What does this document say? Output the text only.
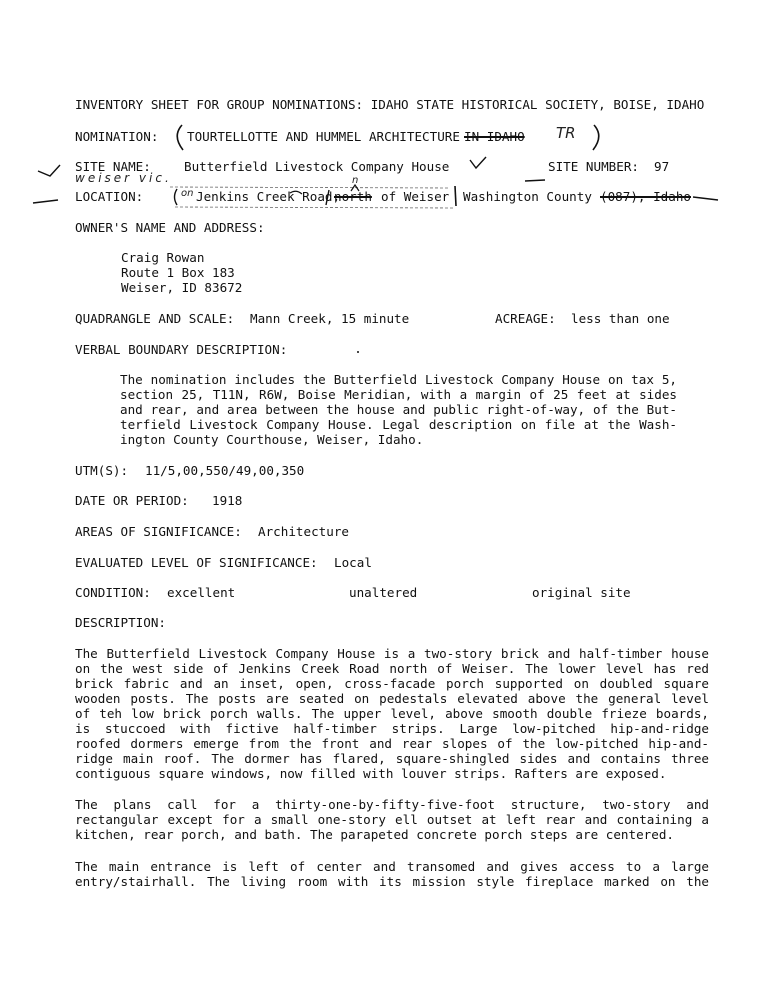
INVENTORY SHEET FOR GROUP NOMINATIONS: IDAHO STATE HISTORICAL SOCIETY, BOISE, IDAHO
NOMINATION: TOURTELLOTTE AND HUMMEL ARCHITECTURE IN IDAHO TR
SITE NAME:	Butterfield Livestock Company House	SITE NUMBER: 97
weiser vic.
LOCATION:	on Jenkins Creek Road,
north
n
of Weiser Washington County (087), Idaho
OWNER'S NAME AND ADDRESS:
Craig Rowan
Route 1 Box 183
Weiser, ID 83672
QUADRANGLE AND SCALE: Mann Creek, 15 minute	ACREAGE: less than one
VERBAL BOUNDARY DESCRIPTION:
The nomination includes the Butterfield Livestock Company House on tax 5,
section 25, T11N, R6W, Boise Meridian, with a margin of 25 feet at sides
and rear, and area between the house and public right-of-way, of the But-
terfield Livestock Company House. Legal description on file at the Wash-
ington County Courthouse, Weiser, Idaho.
UTM(S): 11/5,00,550/49,00,350
DATE OR PERIOD: 1918
AREAS OF SIGNIFICANCE: Architecture
EVALUATED LEVEL OF SIGNIFICANCE: Local
CONDITION: excellent	unaltered	original site
DESCRIPTION:
The Butterfield Livestock Company House is a two-story brick and half-timber house
on the west side of Jenkins Creek Road north of Weiser. The lower level has red
brick fabric and an inset, open, cross-facade porch supported on doubled square
wooden posts. The posts are seated on pedestals elevated above the general level
of teh low brick porch walls. The upper level, above smooth double frieze boards,
is stuccoed with fictive half-timber strips. Large low-pitched hip-and-ridge
roofed dormers emerge from the front and rear slopes of the low-pitched hip-and-
ridge main roof. The dormer has flared, square-shingled sides and contains three
contiguous square windows, now filled with louver strips. Rafters are exposed.
The plans call for a thirty-one-by-fifty-five-foot structure, two-story and
rectangular except for a small one-story ell outset at left rear and containing a
kitchen, rear porch, and bath. The parapeted concrete porch steps are centered.
The main entrance is left of center and transomed and gives access to a large
entry/stairhall. The living room with its mission style fireplace marked on the
